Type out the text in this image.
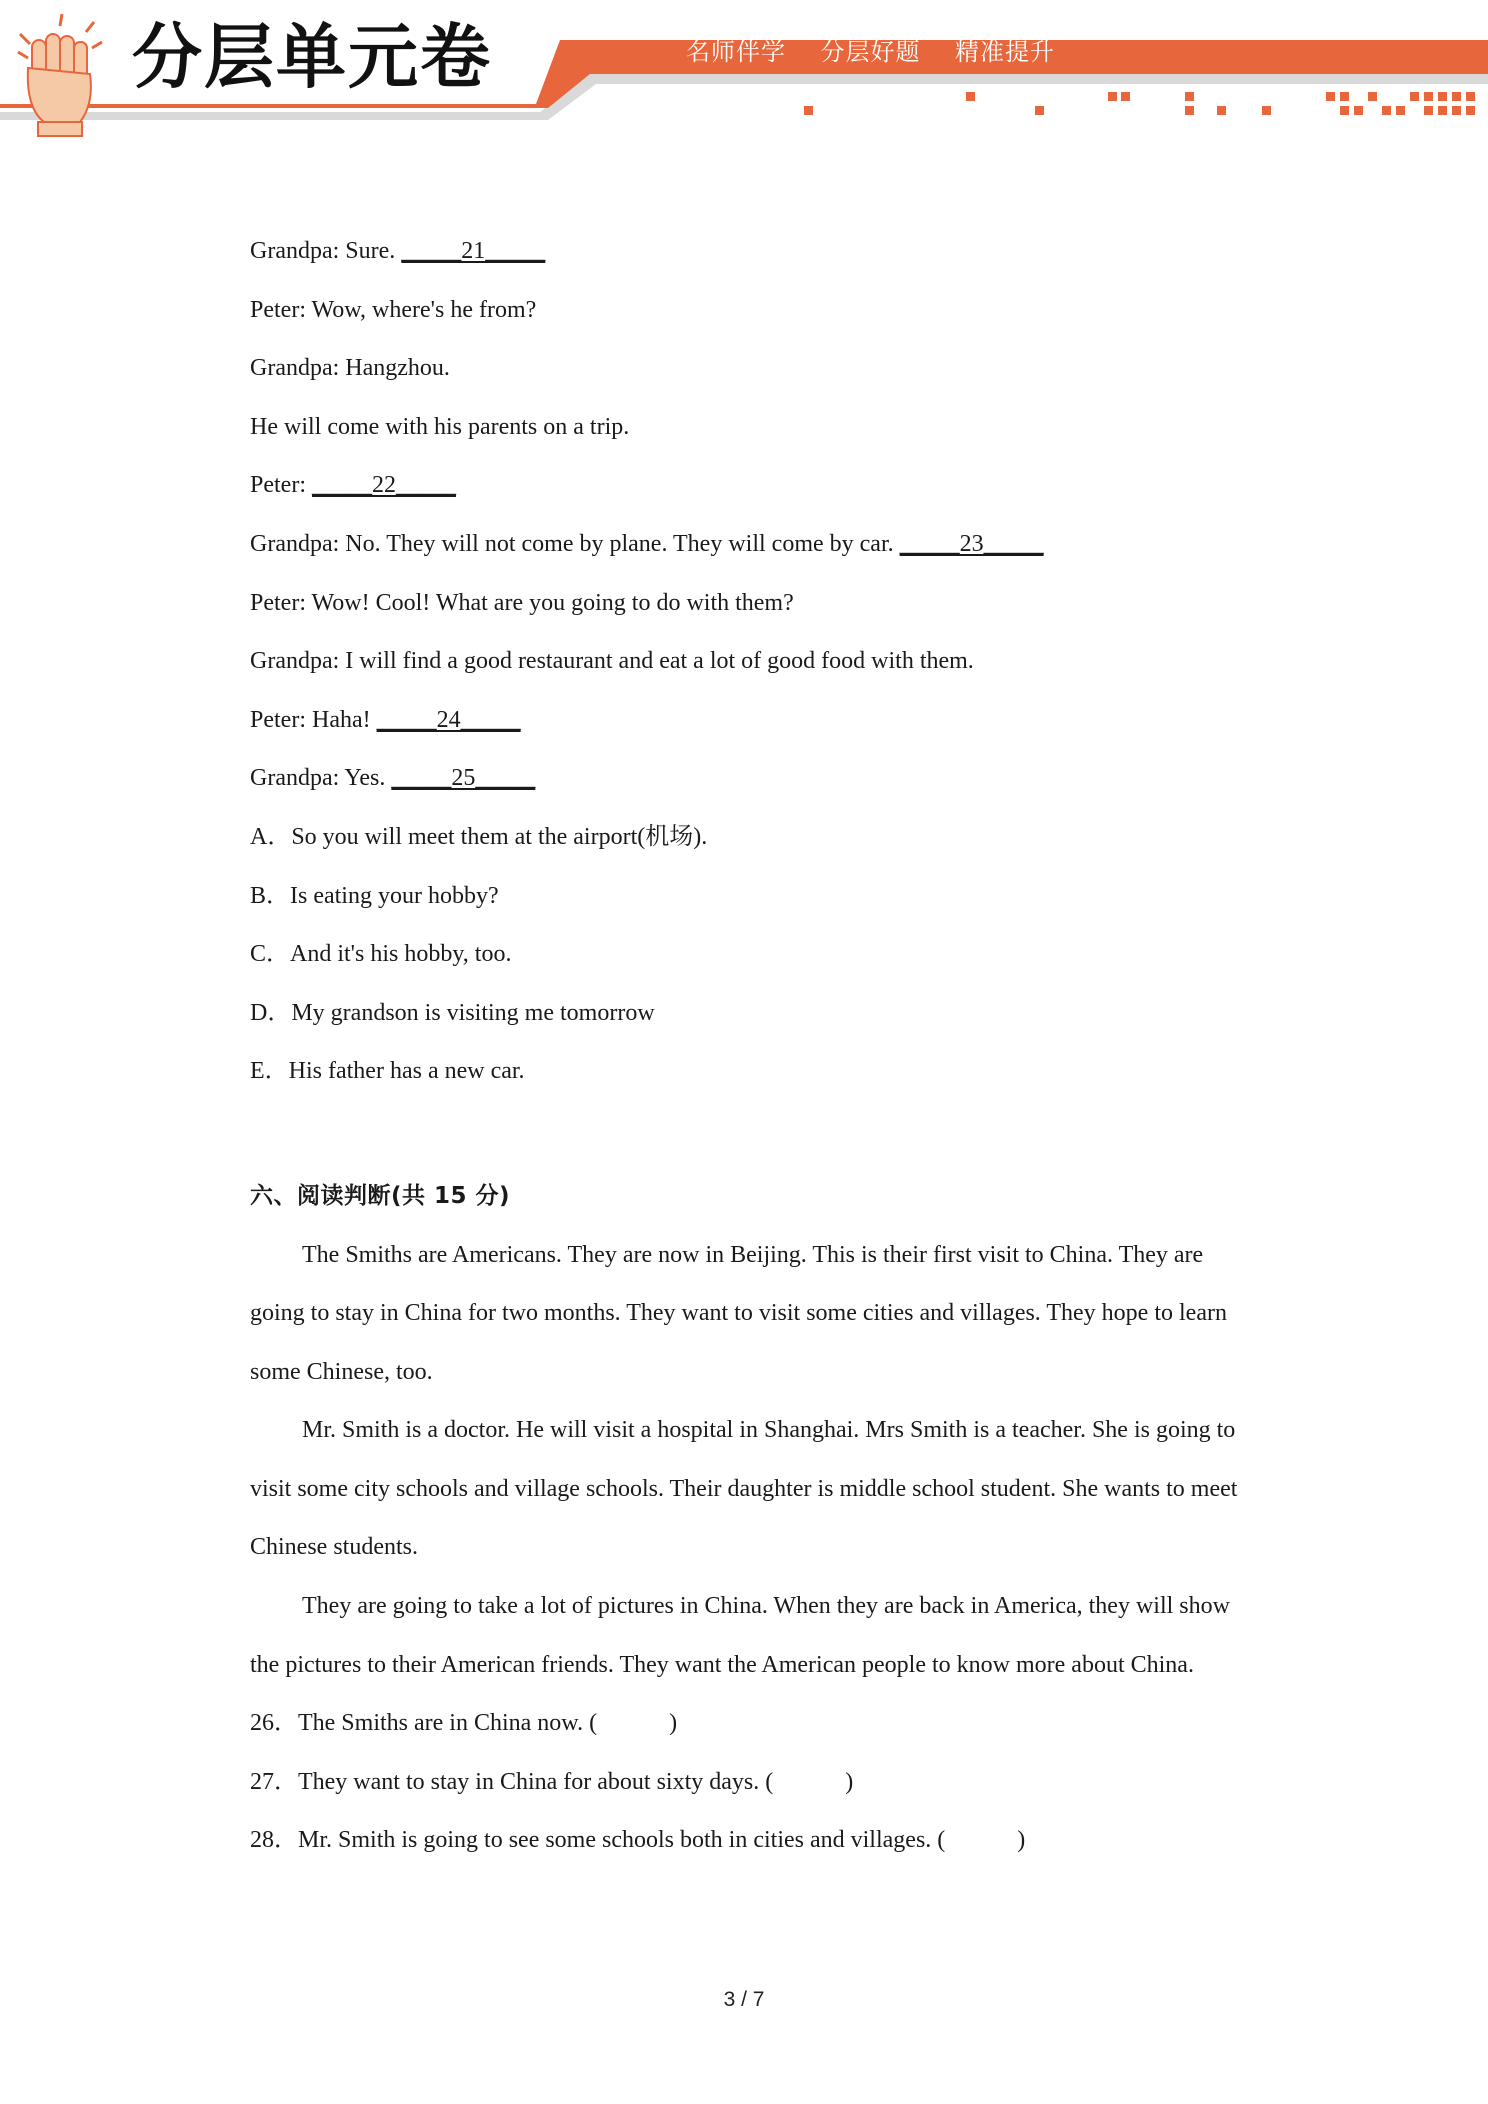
分层单元卷	名师伴学    分层好题    精准提升
Grandpa: Sure. _____21_____
Peter: Wow, where's he from?
Grandpa: Hangzhou.
He will come with his parents on a trip.
Peter: _____22_____
Grandpa: No. They will not come by plane. They will come by car. _____23_____
Peter: Wow! Cool! What are you going to do with them?
Grandpa: I will find a good restaurant and eat a lot of good food with them.
Peter: Haha! _____24_____
Grandpa: Yes. _____25_____
A．So you will meet them at the airport(机场).
B．Is eating your hobby?
C．And it's his hobby, too.
D．My grandson is visiting me tomorrow
E．His father has a new car.
六、阅读判断(共 15 分)
The Smiths are Americans. They are now in Beijing. This is their first visit to China. They are going to stay in China for two months. They want to visit some cities and villages. They hope to learn some Chinese, too.
Mr. Smith is a doctor. He will visit a hospital in Shanghai. Mrs Smith is a teacher. She is going to visit some city schools and village schools. Their daughter is middle school student. She wants to meet Chinese students.
They are going to take a lot of pictures in China. When they are back in America, they will show the pictures to their American friends. They want the American people to know more about China.
26．The Smiths are in China now. (	)
27．They want to stay in China for about sixty days. (	)
28．Mr. Smith is going to see some schools both in cities and villages. (	)
3 / 7
